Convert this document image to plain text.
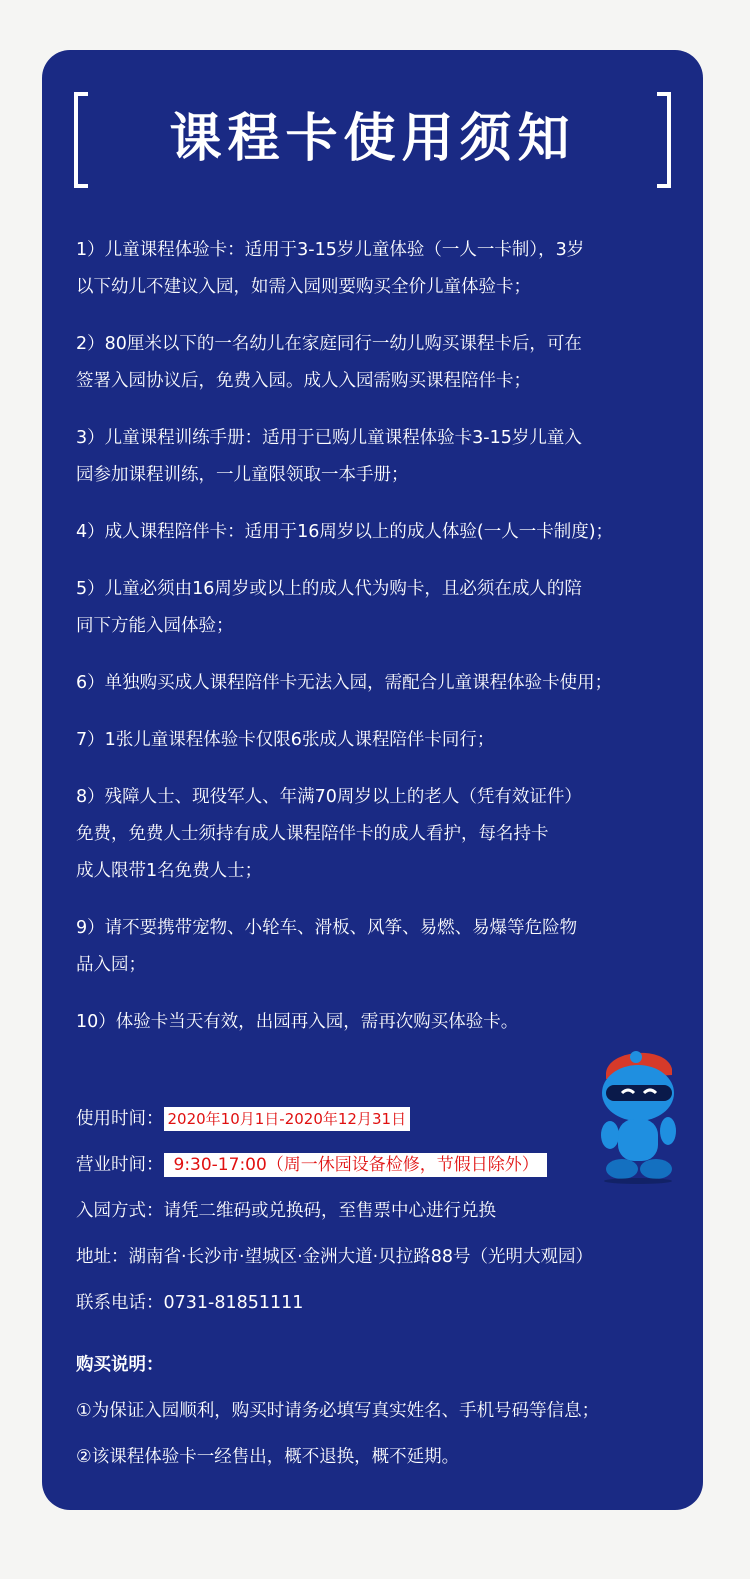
课程卡使用须知
1）儿童课程体验卡：适用于3-15岁儿童体验（一人一卡制），3岁
以下幼儿不建议入园，如需入园则要购买全价儿童体验卡；
2）80厘米以下的一名幼儿在家庭同行一幼儿购买课程卡后，可在
签署入园协议后，免费入园。成人入园需购买课程陪伴卡；
3）儿童课程训练手册：适用于已购儿童课程体验卡3-15岁儿童入
园参加课程训练，一儿童限领取一本手册；
4）成人课程陪伴卡：适用于16周岁以上的成人体验(一人一卡制度)；
5）儿童必须由16周岁或以上的成人代为购卡，且必须在成人的陪
同下方能入园体验；
6）单独购买成人课程陪伴卡无法入园，需配合儿童课程体验卡使用；
7）1张儿童课程体验卡仅限6张成人课程陪伴卡同行；
8）残障人士、现役军人、年满70周岁以上的老人（凭有效证件）
免费，免费人士须持有成人课程陪伴卡的成人看护，每名持卡
成人限带1名免费人士；
9）请不要携带宠物、小轮车、滑板、风筝、易燃、易爆等危险物
品入园；
10）体验卡当天有效，出园再入园，需再次购买体验卡。
使用时间： 2020年10月1日-2020年12月31日
营业时间： 9:30-17:00（周一休园设备检修，节假日除外）
入园方式：请凭二维码或兑换码，至售票中心进行兑换
地址：湖南省·长沙市·望城区·金洲大道·贝拉路88号（光明大观园）
联系电话：0731-81851111
购买说明：
①为保证入园顺利，购买时请务必填写真实姓名、手机号码等信息；
②该课程体验卡一经售出，概不退换，概不延期。
